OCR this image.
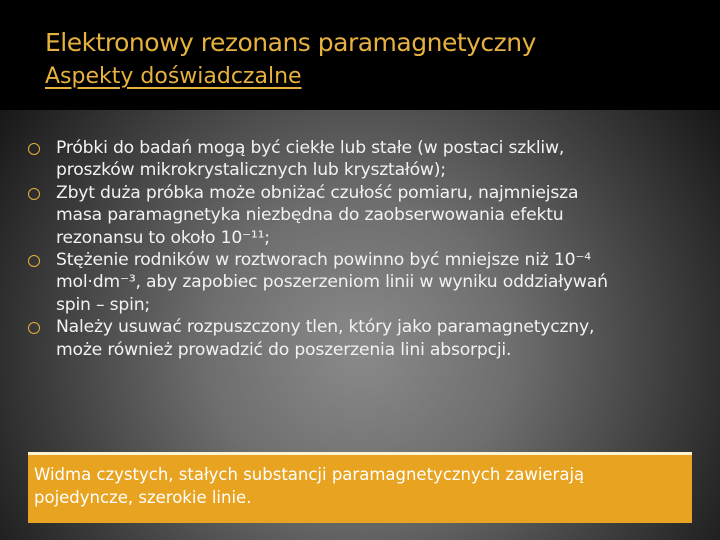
Elektronowy rezonans paramagnetyczny
Aspekty doświadczalne
Próbki do badań mogą być ciekłe lub stałe (w postaci szkliw,
proszków mikrokrystalicznych lub kryształów);
Zbyt duża próbka może obniżać czułość pomiaru, najmniejsza
masa paramagnetyka niezbędna do zaobserwowania efektu
rezonansu to około 10⁻¹¹;
Stężenie rodników w roztworach powinno być mniejsze niż 10⁻⁴
mol·dm⁻³, aby zapobiec poszerzeniom linii w wyniku oddziaływań
spin – spin;
Należy usuwać rozpuszczony tlen, który jako paramagnetyczny,
może również prowadzić do poszerzenia lini absorpcji.
Widma czystych, stałych substancji paramagnetycznych zawierają pojedyncze, szerokie linie.
